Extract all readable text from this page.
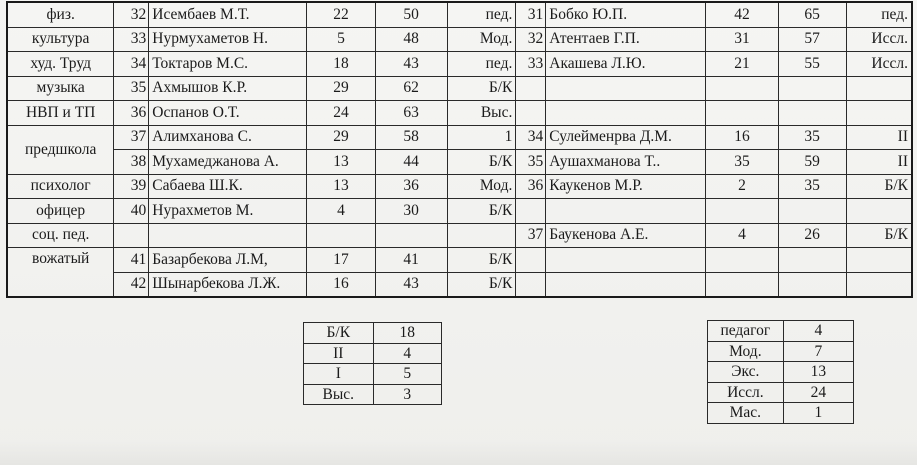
физ.	32	Исембаев М.Т.	22	50	пед.	31	Бобко Ю.П.	42	65	пед.
культура	33	Нурмухаметов Н.	5	48	Мод.	32	Атентаев Г.П.	31	57	Иссл.
худ. Труд	34	Токтаров М.С.	18	43	пед.	33	Акашева Л.Ю.	21	55	Иссл.
музыка	35	Ахмышов К.Р.	29	62	Б/К					
НВП и ТП	36	Оспанов О.Т.	24	63	Выс.					
предшкола	37	Алимханова С.	29	58	1	34	Сулейменрва Д.М.	16	35	II
	38	Мухамеджанова А.	13	44	Б/К	35	Аушахманова Т..	35	59	II
психолог	39	Сабаева Ш.К.	13	36	Мод.	36	Каукенов М.Р.	2	35	Б/К
офицер	40	Нурахметов М.	4	30	Б/К					
соц. пед.						37	Баукенова А.Е.	4	26	Б/К
вожатый	41	Базарбекова Л.М,	17	41	Б/К					
	42	Шынарбекова Л.Ж.	16	43	Б/К					
Б/К	18
II	4
I	5
Выс.	3
педагог	4
Мод.	7
Экс.	13
Иссл.	24
Мас.	1
